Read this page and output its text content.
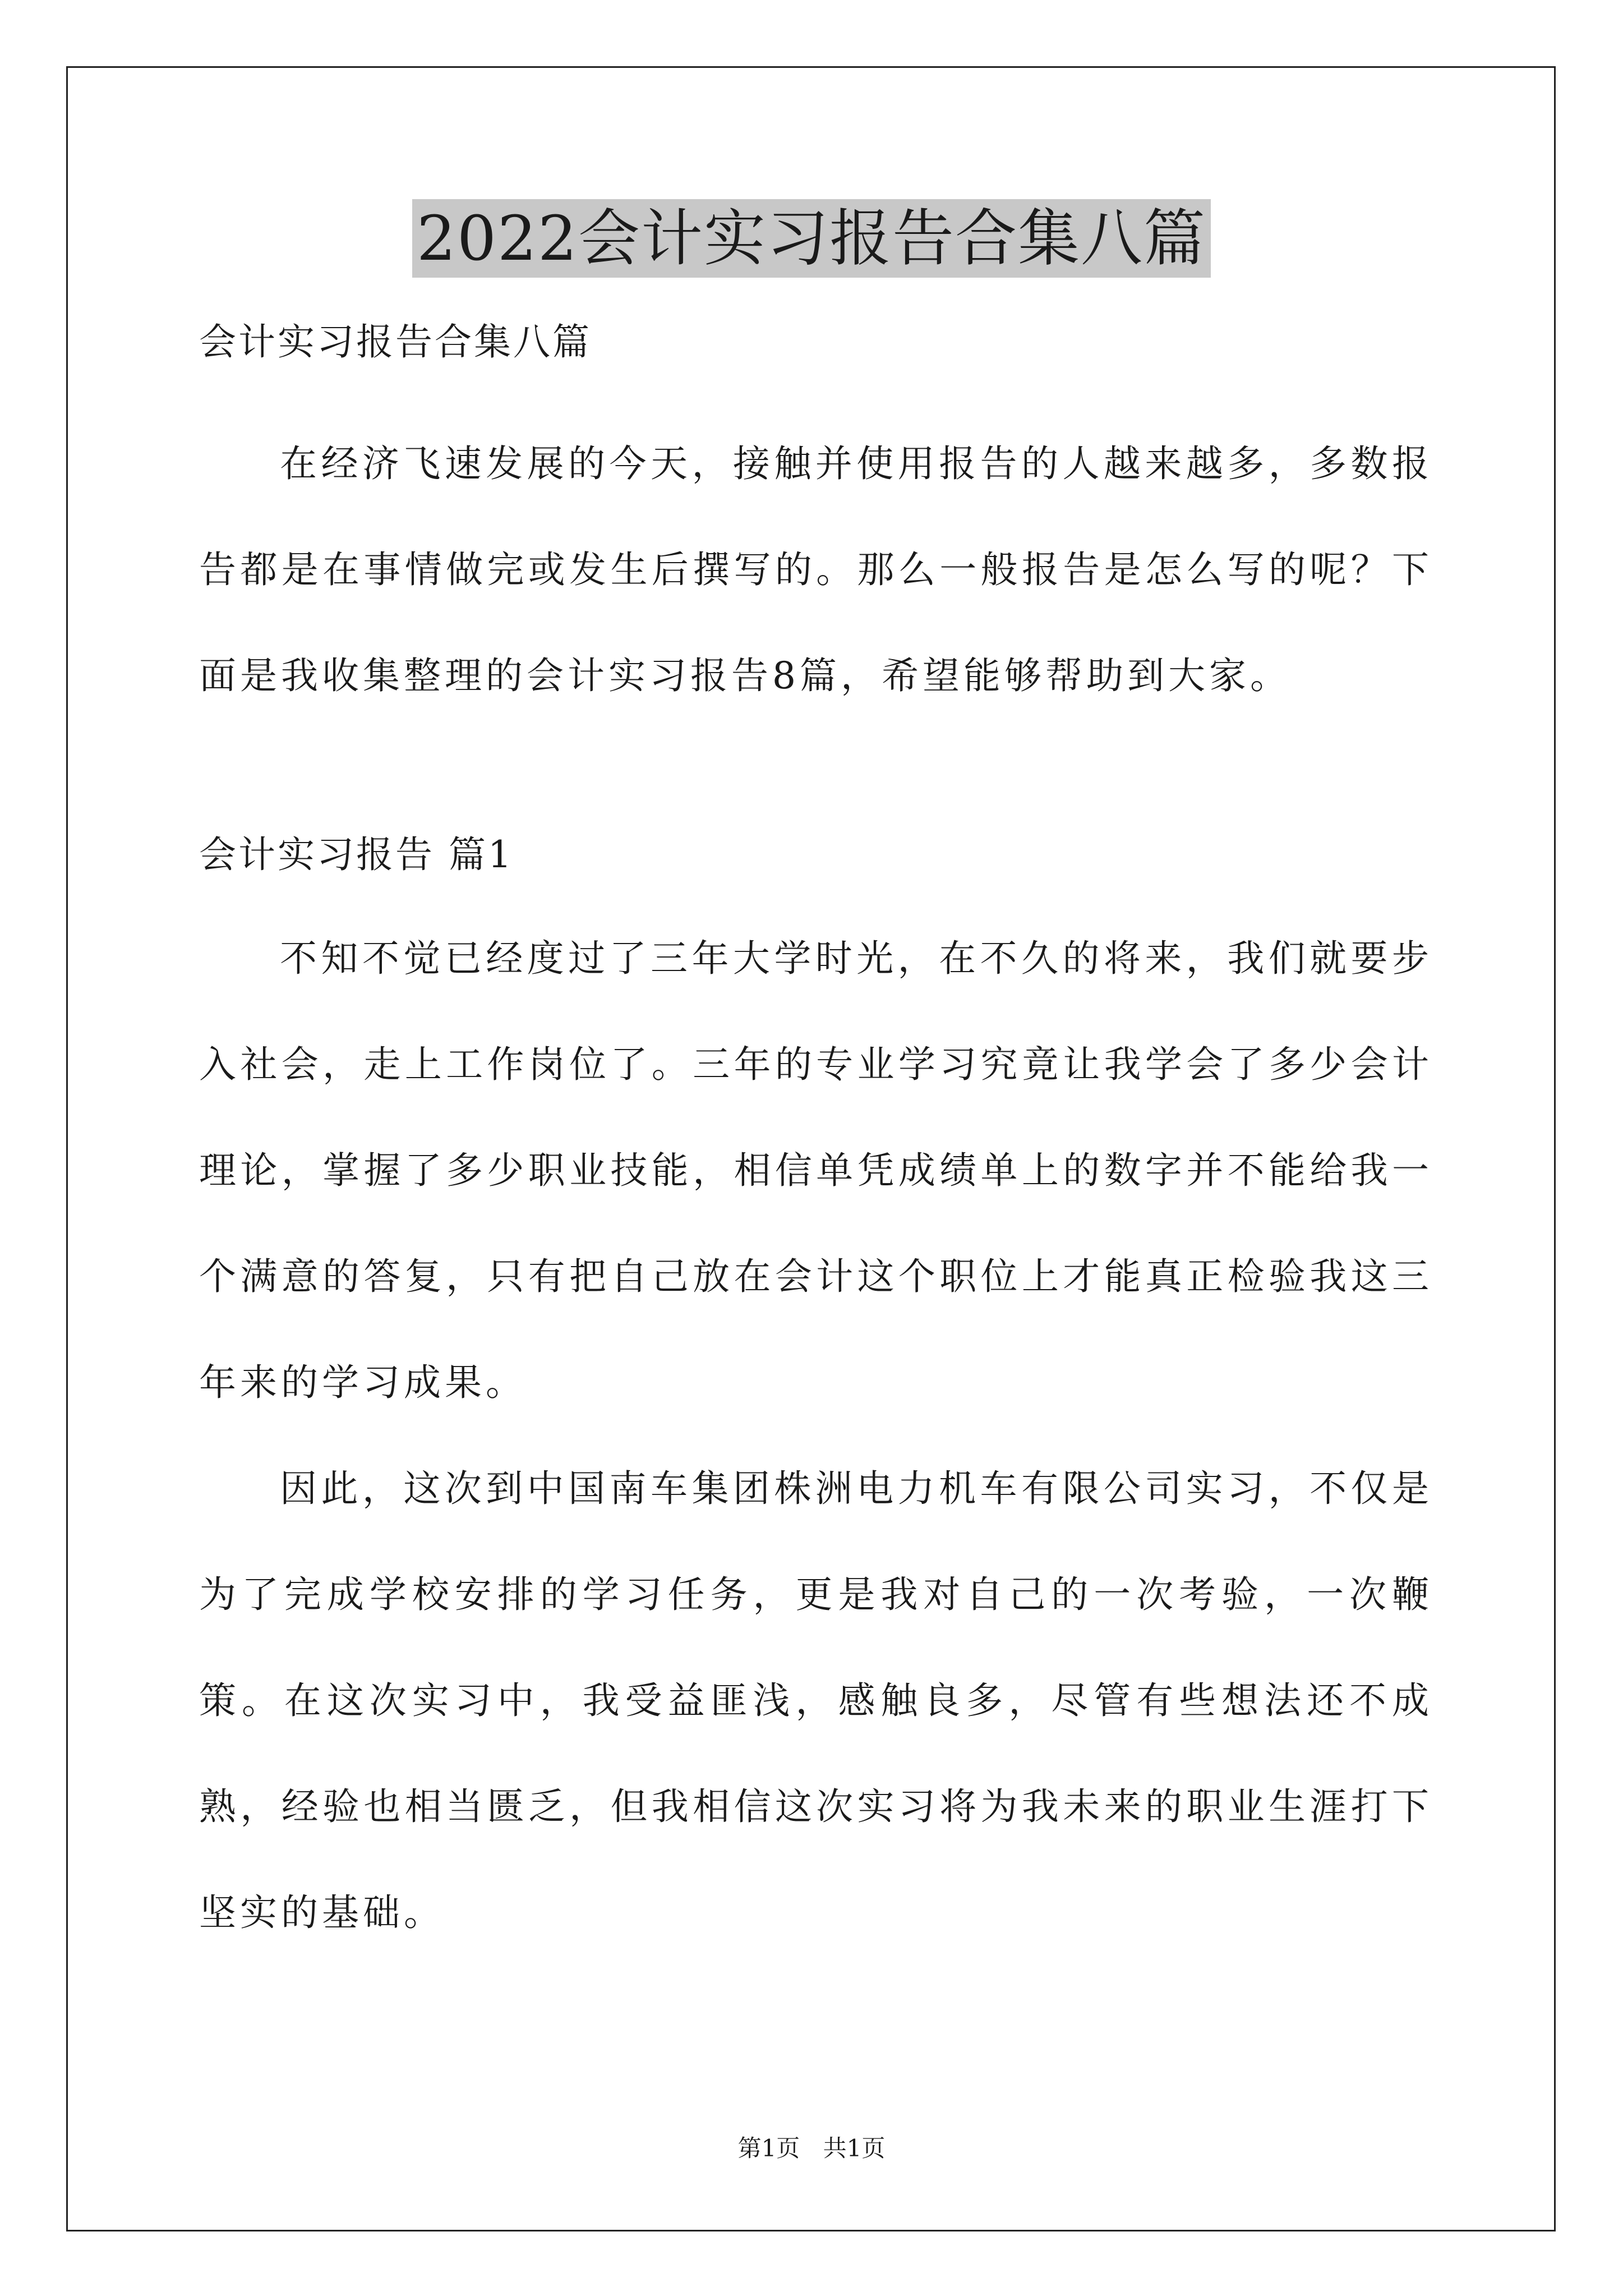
2022会计实习报告合集八篇

会计实习报告合集八篇

在经济飞速发展的今天，接触并使用报告的人越来越多，多数报告都是在事情做完或发生后撰写的。那么一般报告是怎么写的呢？下面是我收集整理的会计实习报告8篇，希望能够帮助到大家。

会计实习报告 篇1

不知不觉已经度过了三年大学时光，在不久的将来，我们就要步入社会，走上工作岗位了。三年的专业学习究竟让我学会了多少会计理论，掌握了多少职业技能，相信单凭成绩单上的数字并不能给我一个满意的答复，只有把自己放在会计这个职位上才能真正检验我这三年来的学习成果。

因此，这次到中国南车集团株洲电力机车有限公司实习，不仅是为了完成学校安排的学习任务，更是我对自己的一次考验，一次鞭策。在这次实习中，我受益匪浅，感触良多，尽管有些想法还不成熟，经验也相当匮乏，但我相信这次实习将为我未来的职业生涯打下坚实的基础。

第1页 共1页
